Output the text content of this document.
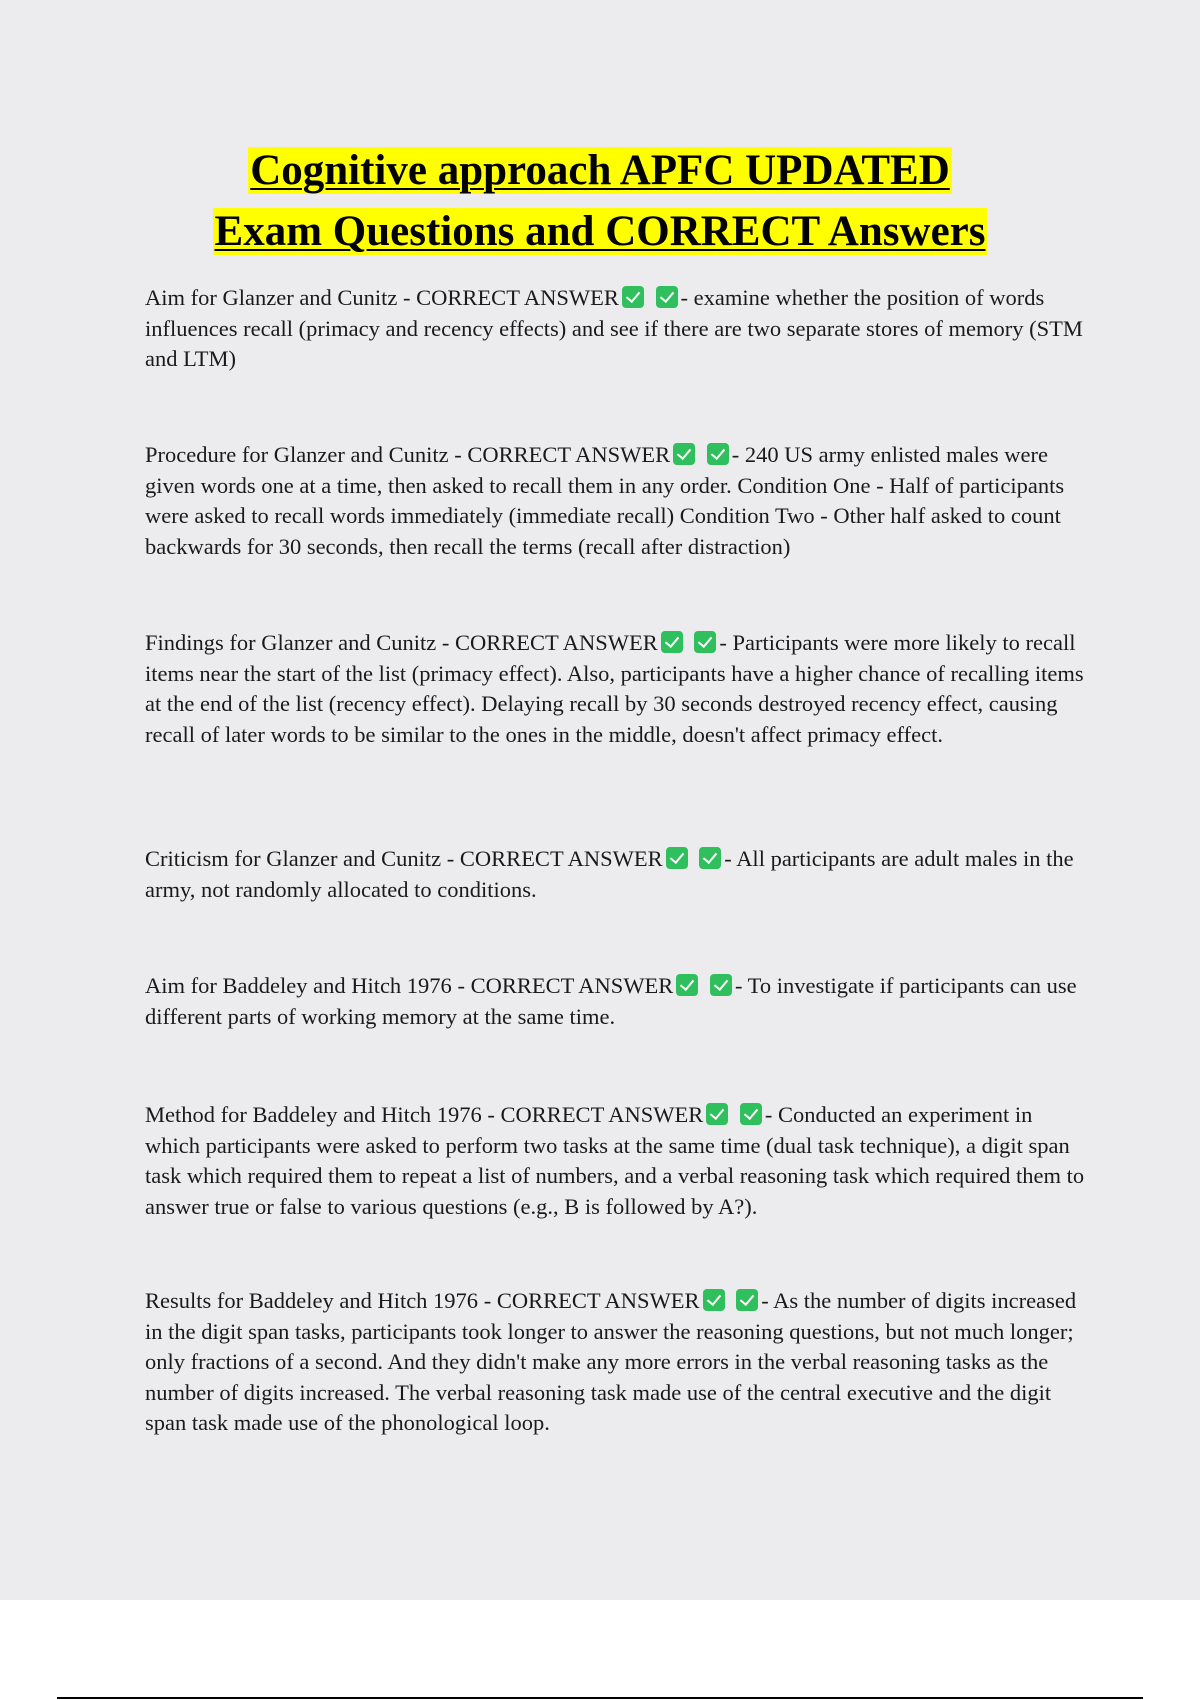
Cognitive approach APFC UPDATED
Exam Questions and CORRECT Answers
Aim for Glanzer and Cunitz - CORRECT ANSWER	- examine whether the position of words influences recall (primacy and recency effects) and see if there are two separate stores of memory (STM and LTM)
Procedure for Glanzer and Cunitz - CORRECT ANSWER	- 240 US army enlisted males were given words one at a time, then asked to recall them in any order. Condition One - Half of participants were asked to recall words immediately (immediate recall) Condition Two - Other half asked to count backwards for 30 seconds, then recall the terms (recall after distraction)
Findings for Glanzer and Cunitz - CORRECT ANSWER	- Participants were more likely to recall items near the start of the list (primacy effect). Also, participants have a higher chance of recalling items at the end of the list (recency effect). Delaying recall by 30 seconds destroyed recency effect, causing recall of later words to be similar to the ones in the middle, doesn't affect primacy effect.
Criticism for Glanzer and Cunitz - CORRECT ANSWER	- All participants are adult males in the army, not randomly allocated to conditions.
Aim for Baddeley and Hitch 1976 - CORRECT ANSWER	- To investigate if participants can use different parts of working memory at the same time.
Method for Baddeley and Hitch 1976 - CORRECT ANSWER	- Conducted an experiment in which participants were asked to perform two tasks at the same time (dual task technique), a digit span task which required them to repeat a list of numbers, and a verbal reasoning task which required them to answer true or false to various questions (e.g., B is followed by A?).
Results for Baddeley and Hitch 1976 - CORRECT ANSWER	- As the number of digits increased in the digit span tasks, participants took longer to answer the reasoning questions, but not much longer; only fractions of a second. And they didn't make any more errors in the verbal reasoning tasks as the number of digits increased. The verbal reasoning task made use of the central executive and the digit span task made use of the phonological loop.
